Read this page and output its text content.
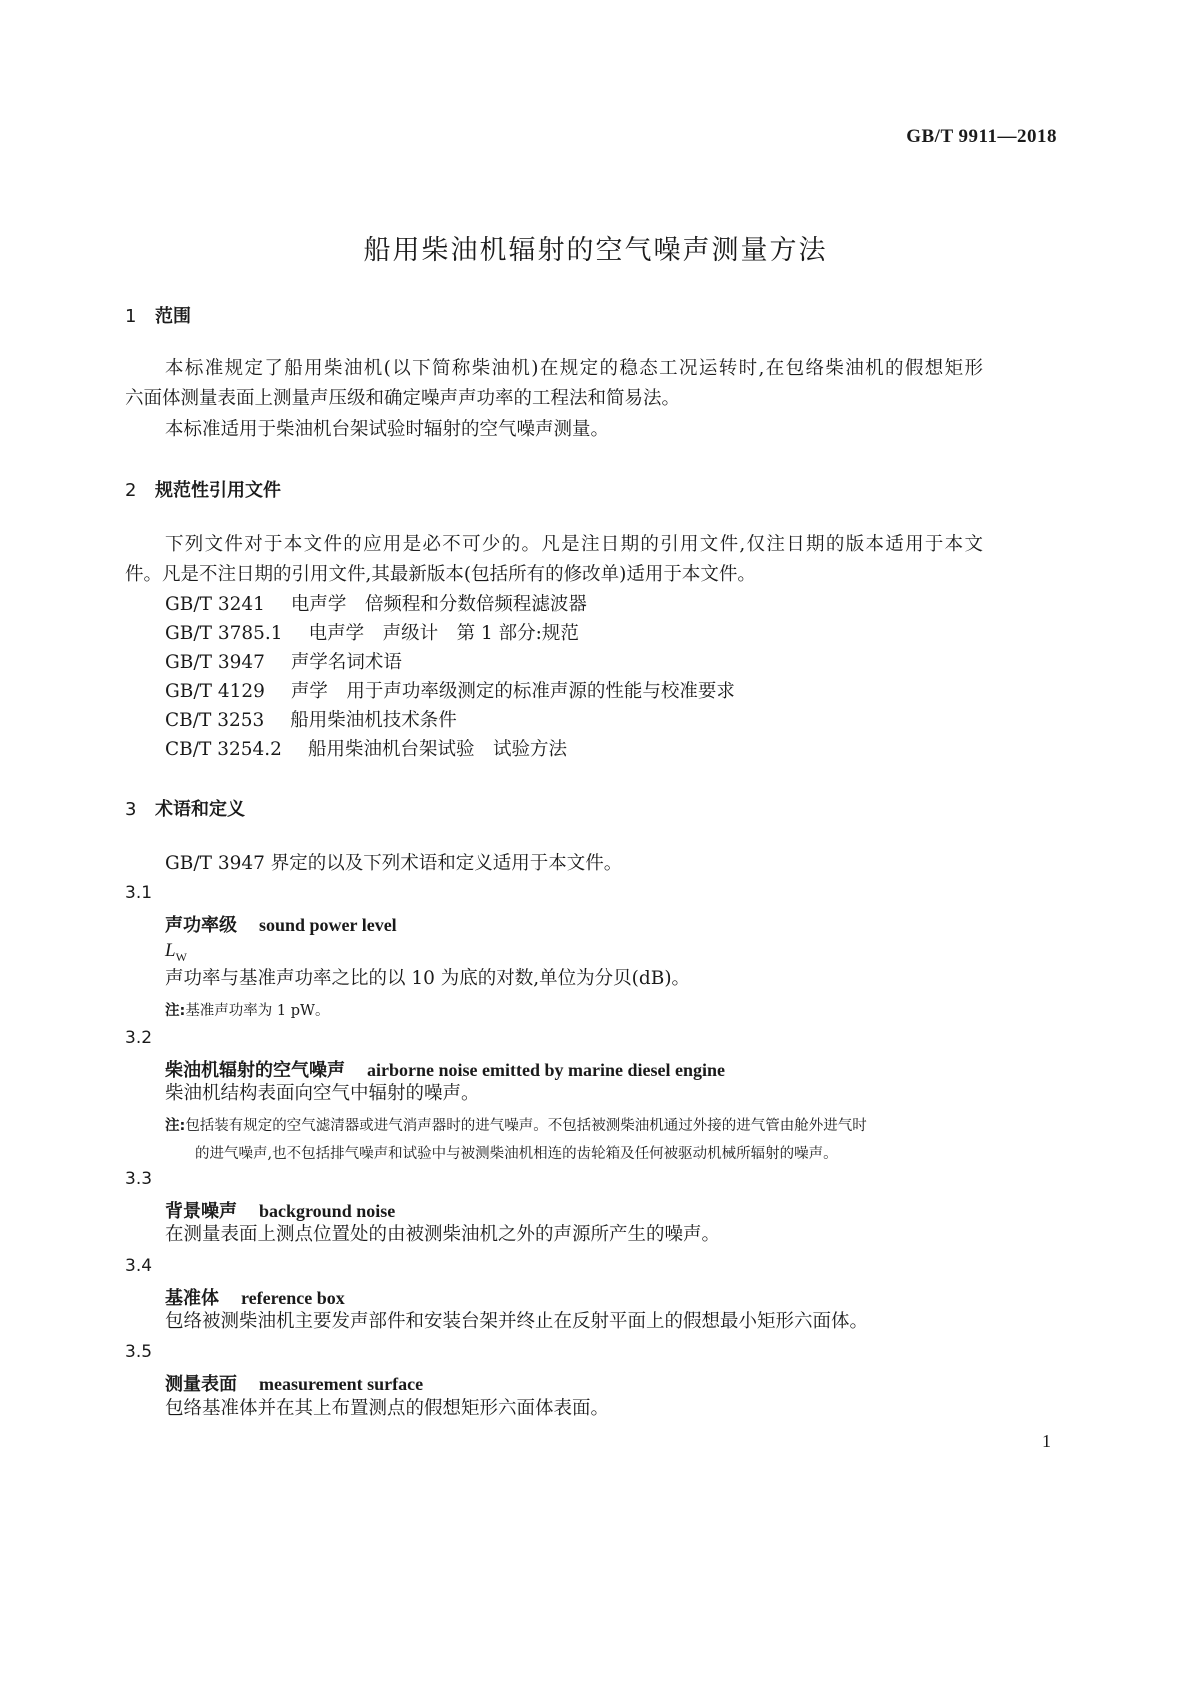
GB/T 9911—2018
船用柴油机辐射的空气噪声测量方法
1 范围
本标准规定了船用柴油机(以下简称柴油机)在规定的稳态工况运转时,在包络柴油机的假想矩形
六面体测量表面上测量声压级和确定噪声声功率的工程法和简易法。
本标准适用于柴油机台架试验时辐射的空气噪声测量。
2 规范性引用文件
下列文件对于本文件的应用是必不可少的。凡是注日期的引用文件,仅注日期的版本适用于本文
件。凡是不注日期的引用文件,其最新版本(包括所有的修改单)适用于本文件。
GB/T 3241 电声学　倍频程和分数倍频程滤波器
GB/T 3785.1 电声学　声级计　第 1 部分:规范
GB/T 3947 声学名词术语
GB/T 4129 声学　用于声功率级测定的标准声源的性能与校准要求
CB/T 3253 船用柴油机技术条件
CB/T 3254.2 船用柴油机台架试验　试验方法
3 术语和定义
GB/T 3947 界定的以及下列术语和定义适用于本文件。
3.1
声功率级 sound power level
$L_W$
声功率与基准声功率之比的以 10 为底的对数,单位为分贝(dB)。
注:基准声功率为 1 pW。
3.2
柴油机辐射的空气噪声 airborne noise emitted by marine diesel engine
柴油机结构表面向空气中辐射的噪声。
注:包括装有规定的空气滤清器或进气消声器时的进气噪声。不包括被测柴油机通过外接的进气管由舱外进气时
的进气噪声,也不包括排气噪声和试验中与被测柴油机相连的齿轮箱及任何被驱动机械所辐射的噪声。
3.3
背景噪声 background noise
在测量表面上测点位置处的由被测柴油机之外的声源所产生的噪声。
3.4
基准体 reference box
包络被测柴油机主要发声部件和安装台架并终止在反射平面上的假想最小矩形六面体。
3.5
测量表面 measurement surface
包络基准体并在其上布置测点的假想矩形六面体表面。
1
